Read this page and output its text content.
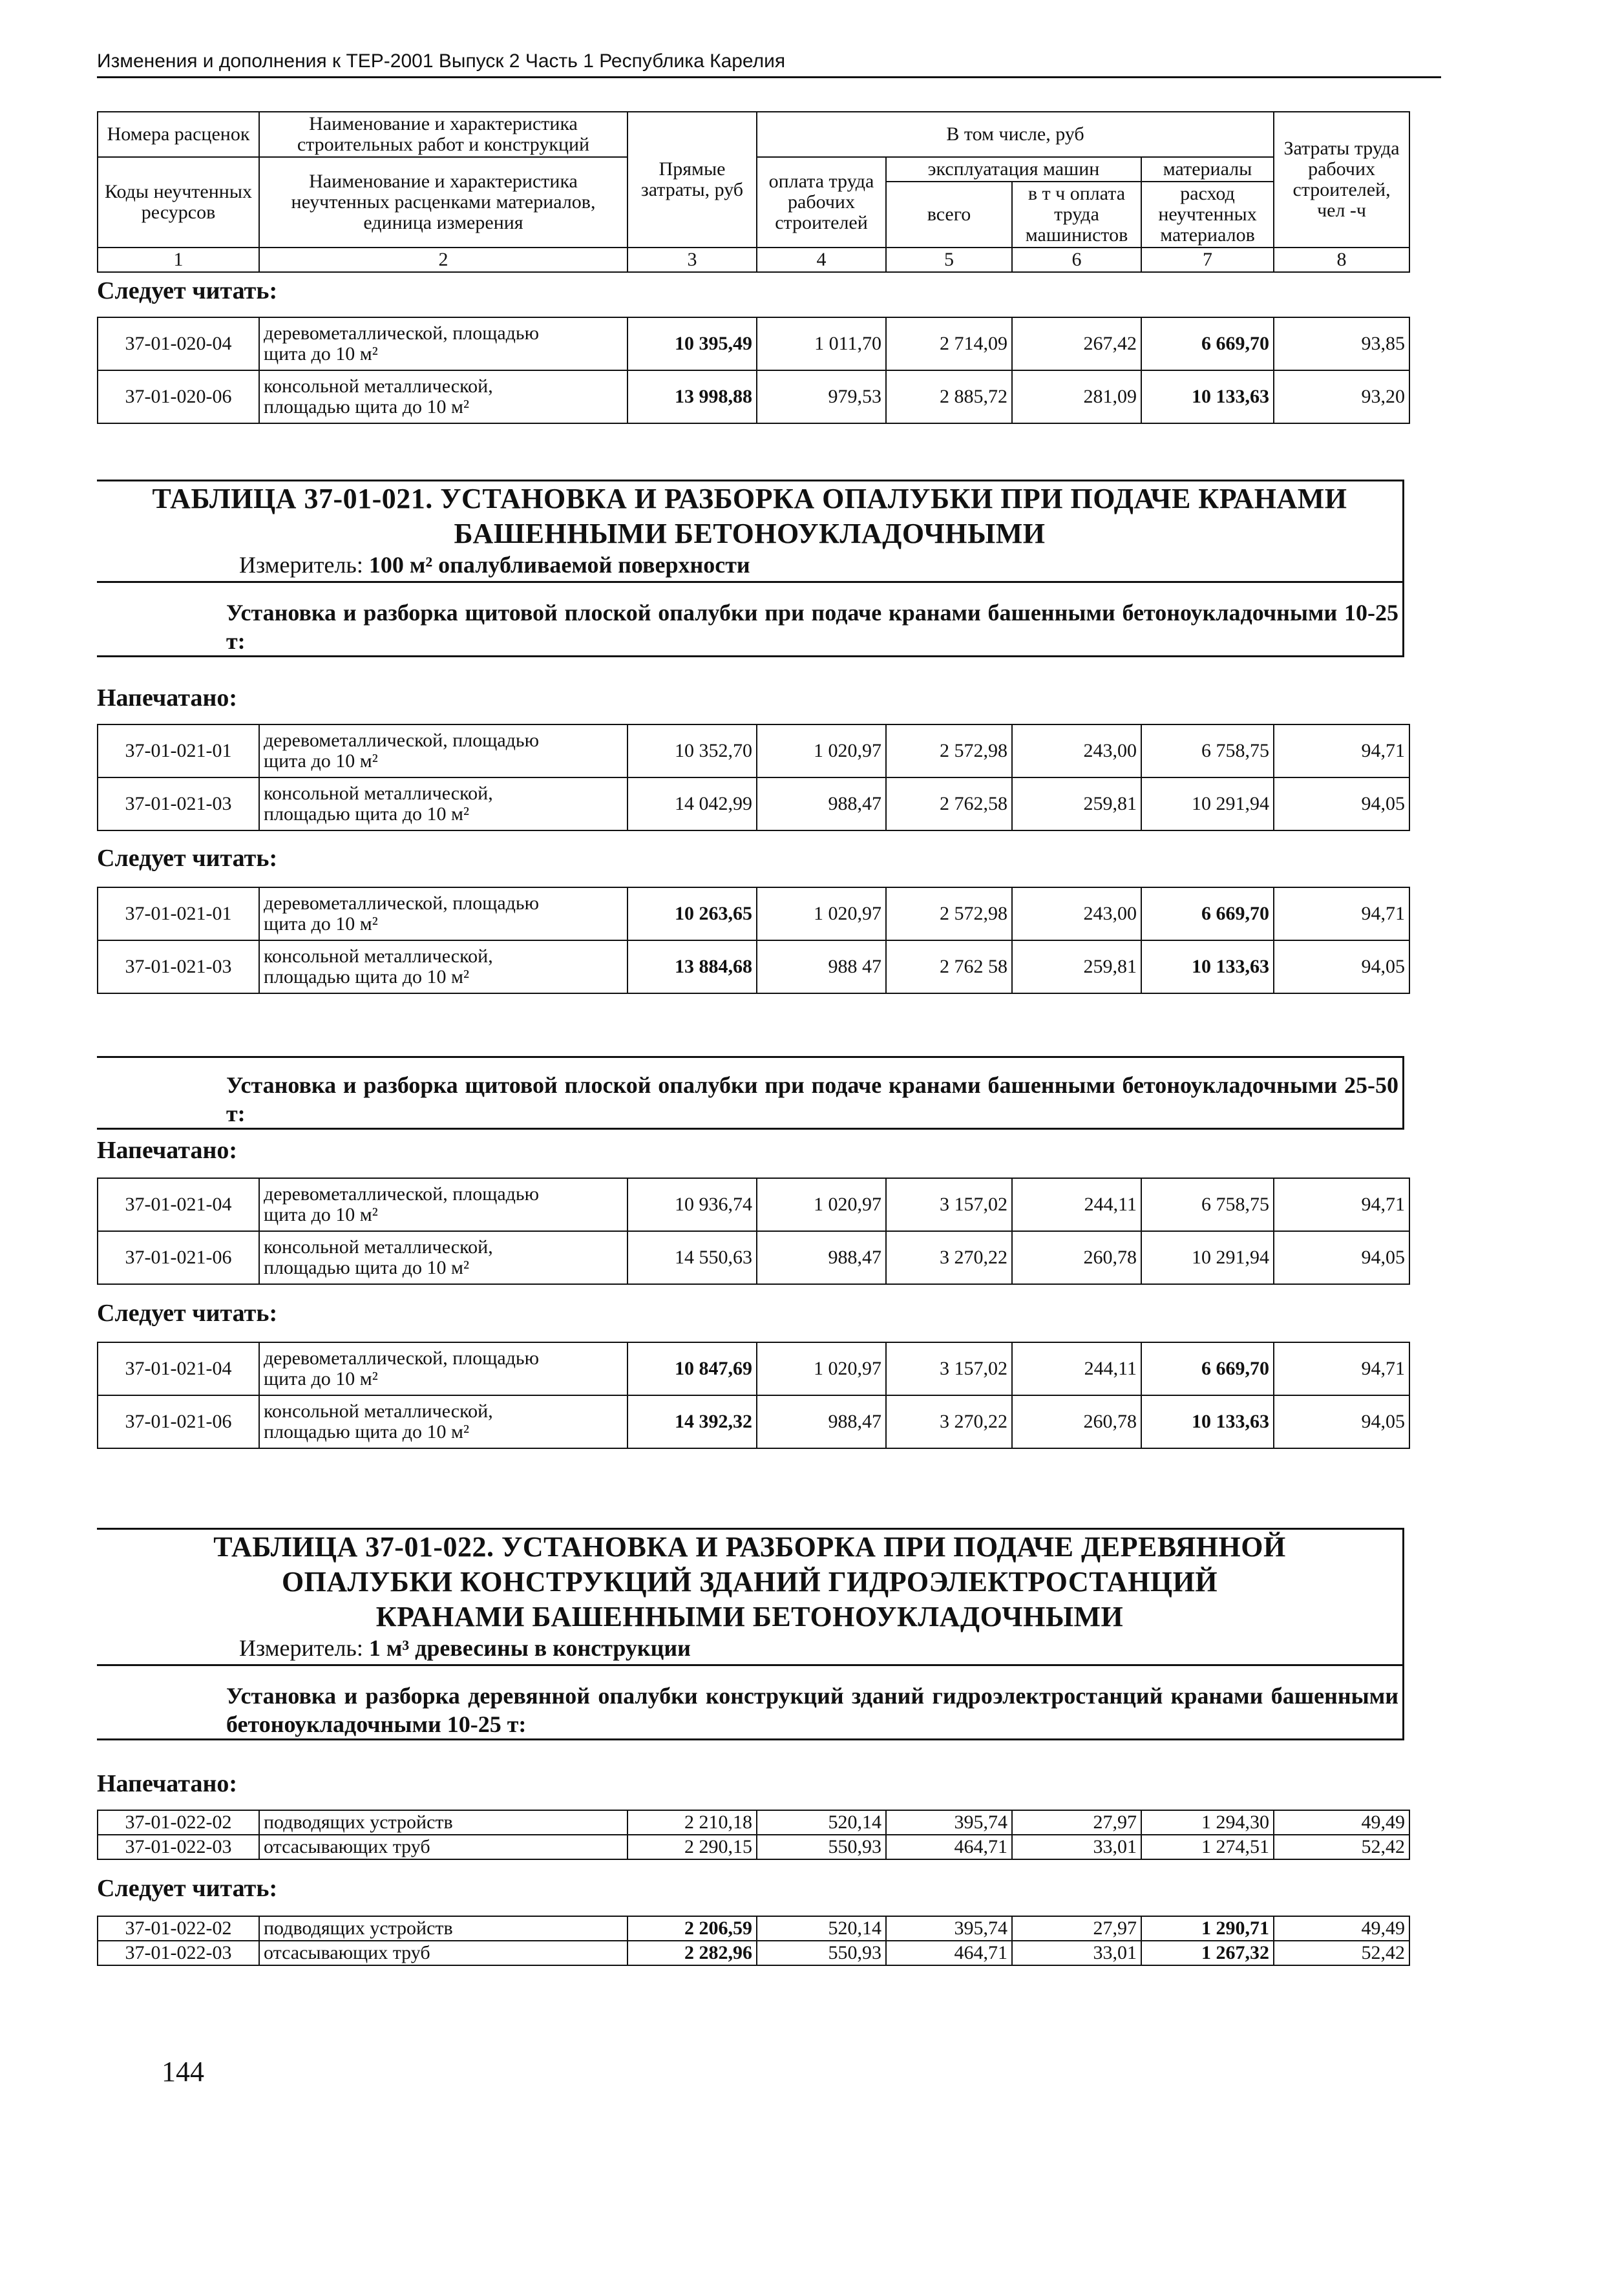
Изменения и дополнения к ТЕР-2001 Выпуск 2 Часть 1 Республика Карелия
Номера расценок	Наименование и характеристика строительных работ и конструкций	Прямые затраты, руб	В том числе, руб				Затраты труда рабочих строителей, чел -ч
Коды неучтенных ресурсов	Наименование и характеристика неучтенных расценками материалов, единица измерения		оплата труда рабочих строителей	эксплуатация машин		материалы	
				всего	в т ч оплата труда машинистов	расход неучтенных материалов	
1	2	3	4	5	6	7	8

Следует читать:

37-01-020-04	деревометаллической, площадью
щита до 10 м²	10 395,49	1 011,70	2 714,09	267,42	6 669,70	93,85
37-01-020-06	консольной металлической,
площадью щита до 10 м²	13 998,88	979,53	2 885,72	281,09	10 133,63	93,20
ТАБЛИЦА 37-01-021. УСТАНОВКА И РАЗБОРКА ОПАЛУБКИ ПРИ ПОДАЧЕ КРАНАМИ
БАШЕННЫМИ БЕТОНОУКЛАДОЧНЫМИ
Измеритель: 100 м² опалубливаемой поверхности
Установка и разборка щитовой плоской опалубки при подаче кранами башенными бетоноукладочными 10-25 т:

Напечатано:

37-01-021-01	деревометаллической, площадью
щита до 10 м²	10 352,70	1 020,97	2 572,98	243,00	6 758,75	94,71
37-01-021-03	консольной металлической,
площадью щита до 10 м²	14 042,99	988,47	2 762,58	259,81	10 291,94	94,05

Следует читать:

37-01-021-01	деревометаллической, площадью
щита до 10 м²	10 263,65	1 020,97	2 572,98	243,00	6 669,70	94,71
37-01-021-03	консольной металлической,
площадью щита до 10 м²	13 884,68	988 47	2 762 58	259,81	10 133,63	94,05
Установка и разборка щитовой плоской опалубки при подаче кранами башенными бетоноукладочными 25-50 т:

Напечатано:

37-01-021-04	деревометаллической, площадью
щита до 10 м²	10 936,74	1 020,97	3 157,02	244,11	6 758,75	94,71
37-01-021-06	консольной металлической,
площадью щита до 10 м²	14 550,63	988,47	3 270,22	260,78	10 291,94	94,05

Следует читать:

37-01-021-04	деревометаллической, площадью
щита до 10 м²	10 847,69	1 020,97	3 157,02	244,11	6 669,70	94,71
37-01-021-06	консольной металлической,
площадью щита до 10 м²	14 392,32	988,47	3 270,22	260,78	10 133,63	94,05
ТАБЛИЦА 37-01-022. УСТАНОВКА И РАЗБОРКА ПРИ ПОДАЧЕ ДЕРЕВЯННОЙ
ОПАЛУБКИ КОНСТРУКЦИЙ ЗДАНИЙ ГИДРОЭЛЕКТРОСТАНЦИЙ
КРАНАМИ БАШЕННЫМИ БЕТОНОУКЛАДОЧНЫМИ
Измеритель: 1 м³ древесины в конструкции
Установка и разборка деревянной опалубки конструкций зданий гидроэлектростанций кранами башенными бетоноукладочными 10-25 т:

Напечатано:

37-01-022-02	подводящих устройств	2 210,18	520,14	395,74	27,97	1 294,30	49,49
37-01-022-03	отсасывающих труб	2 290,15	550,93	464,71	33,01	1 274,51	52,42

Следует читать:

37-01-022-02	подводящих устройств	2 206,59	520,14	395,74	27,97	1 290,71	49,49
37-01-022-03	отсасывающих труб	2 282,96	550,93	464,71	33,01	1 267,32	52,42
144
